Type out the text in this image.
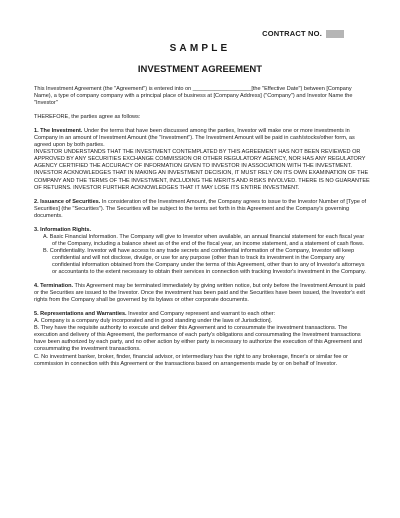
CONTRACT NO.
SAMPLE
INVESTMENT AGREEMENT

This Investment Agreement (the "Agreement") is entered into on ___________________[the "Effective Date") between [Company Name), a type of company company with a principal place of business at [Company Address] ("Company") and Investor Name the "Investor"

THEREFORE, the parties agree as follows:

1. The Investment. Under the terms that have been discussed among the parties, Investor will make one or more investments in Company in an amount of Investment Amount (the "Investment"). The Investment Amount will be paid in cash/stocks/other form, as agreed upon by both parties.

INVESTOR UNDERSTANDS THAT THE INVESTMENT CONTEMPLATED BY THIS AGREEMENT HAS NOT BEEN REVIEWED OR APPROVED BY ANY SECURITIES EXCHANGE COMMISSION OR OTHER REGULATORY AGENCY, NOR HAS ANY REGULATORY AGENCY CERTIFIED THE ACCURACY OF INFORMATION GIVEN TO INVESTOR IN ASSOCIATION WITH THE INVESTMENT.

INVESTOR ACKNOWLEDGES THAT IN MAKING AN INVESTMENT DECISION, IT MUST RELY ON ITS OWN EXAMINATION OF THE COMPANY AND THE TERMS OF THE INVESTMENT, INCLUDING THE MERITS AND RISKS INVOLVED. THERE IS NO GUARANTEE OF RETURNS. INVESTOR FURTHER ACKNOWLEDGES THAT IT MAY LOSE ITS ENTIRE INVESTMENT.

2. Issuance of Securities. In consideration of the Investment Amount, the Company agrees to issue to the Investor Number of [Type of Securities] (the "Securities"). The Securities will be subject to the terms set forth in this Agreement and the Company's governing documents.

3. Information Rights.

A. Basic Financial Information. The Company will give to Investor when available, an annual financial statement for each fiscal year of the Company, including a balance sheet as of the end of the fiscal year, an income statement, and a statement of cash flows.

B. Confidentiality. Investor will have access to any trade secrets and confidential information of the Company, Investor will keep confidential and will not disclose, divulge, or use for any purpose (other than to track its investment in the Company any confidential information obtained from the Company under the terms of this Agreement, other than to any of Investor's attorneys or accountants to the extent necessary to obtain their services in connection with tracking Investor's investment in the Company.

4. Termination. This Agreement may be terminated immediately by giving written notice, but only before the Investment Amount is paid or the Securities are issued to the Investor. Once the investment has been paid and the Securities have been issued, the Investor's exit rights from the Company shall be governed by its bylaws or other corporate documents.

5. Representations and Warranties. Investor and Company represent and warrant to each other:

A. Company is a company duly incorporated and in good standing under the laws of Jurisdiction].

B. They have the requisite authority to execute and deliver this Agreement and to consummate the investment transactions. The execution and delivery of this Agreement, the performance of each party's obligations and consummating the Investment transactions have been authorized by each party, and no other action by either party is necessary to authorize the execution of this Agreement and consummating the investment transactions.

C. No investment banker, broker, finder, financial advisor, or intermediary has the right to any brokerage, fincer's or similar fee or commission in connection with this Agreement or the transactions based on arrangements made by or on behalf of Investor.
